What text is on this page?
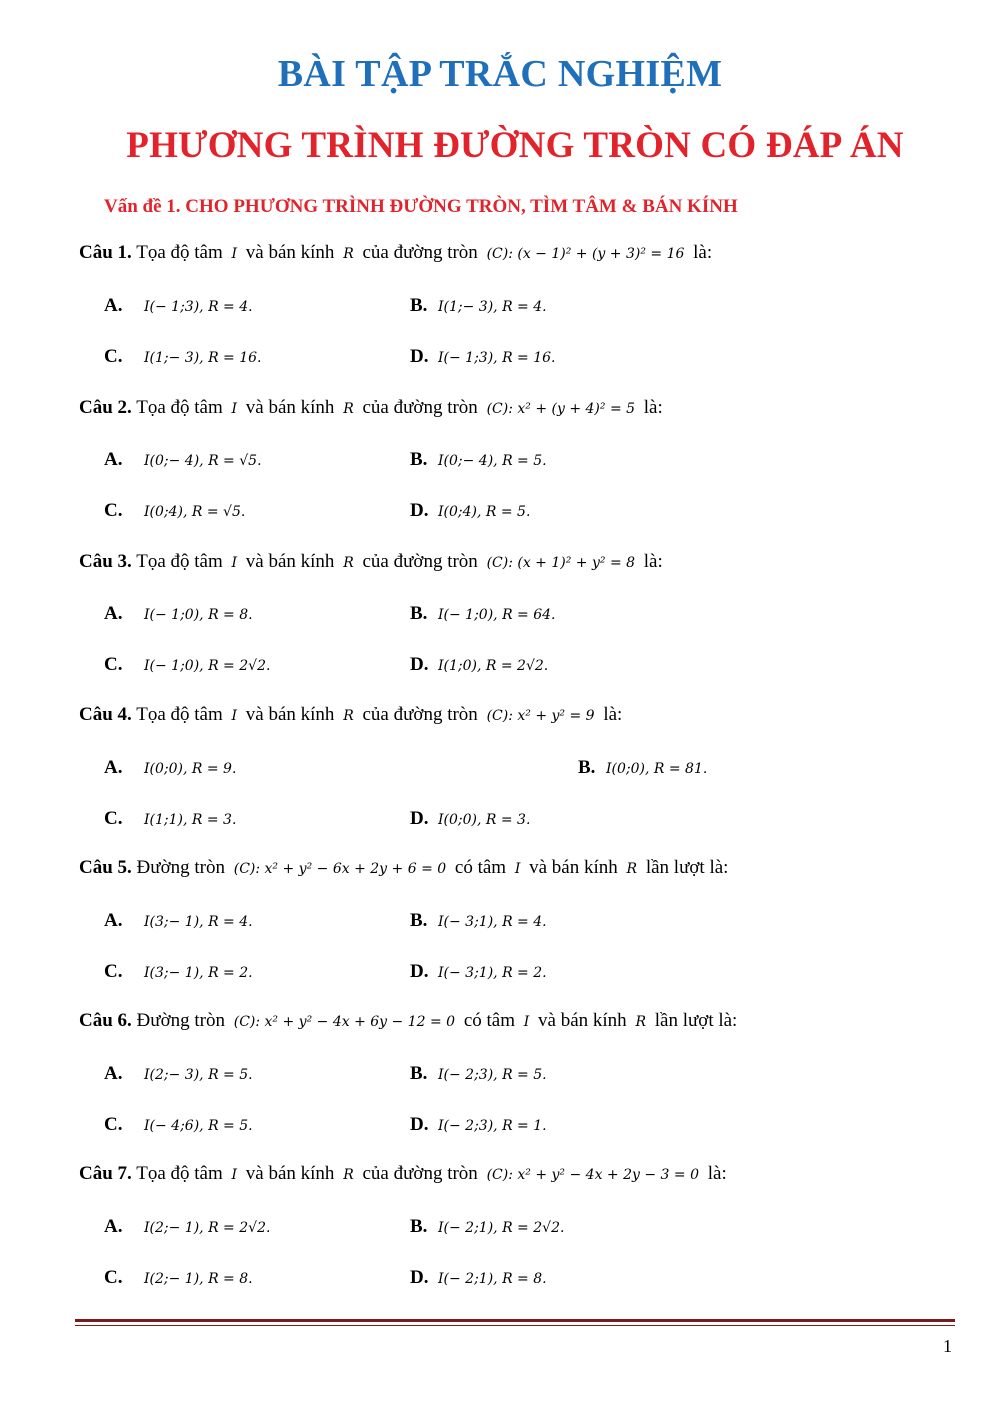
BÀI TẬP TRẮC NGHIỆM
PHƯƠNG TRÌNH ĐƯỜNG TRÒN CÓ ĐÁP ÁN
Vấn đề 1. CHO PHƯƠNG TRÌNH ĐƯỜNG TRÒN, TÌM TÂM & BÁN KÍNH
Câu 1. Tọa độ tâm I và bán kính R của đường tròn (C): (x − 1)² + (y + 3)² = 16 là:
A. I(− 1;3), R = 4.	B. I(1;− 3), R = 4.
C. I(1;− 3), R = 16.	D. I(− 1;3), R = 16.
Câu 2. Tọa độ tâm I và bán kính R của đường tròn (C): x² + (y + 4)² = 5 là:
A. I(0;− 4), R = √5.	B. I(0;− 4), R = 5.
C. I(0;4), R = √5.	D. I(0;4), R = 5.
Câu 3. Tọa độ tâm I và bán kính R của đường tròn (C): (x + 1)² + y² = 8 là:
A. I(− 1;0), R = 8.	B. I(− 1;0), R = 64.
C. I(− 1;0), R = 2√2.	D. I(1;0), R = 2√2.
Câu 4. Tọa độ tâm I và bán kính R của đường tròn (C): x² + y² = 9 là:
A. I(0;0), R = 9.	B. I(0;0), R = 81.
C. I(1;1), R = 3.	D. I(0;0), R = 3.
Câu 5. Đường tròn (C): x² + y² − 6x + 2y + 6 = 0 có tâm I và bán kính R lần lượt là:
A. I(3;− 1), R = 4.	B. I(− 3;1), R = 4.
C. I(3;− 1), R = 2.	D. I(− 3;1), R = 2.
Câu 6. Đường tròn (C): x² + y² − 4x + 6y − 12 = 0 có tâm I và bán kính R lần lượt là:
A. I(2;− 3), R = 5.	B. I(− 2;3), R = 5.
C. I(− 4;6), R = 5.	D. I(− 2;3), R = 1.
Câu 7. Tọa độ tâm I và bán kính R của đường tròn (C): x² + y² − 4x + 2y − 3 = 0 là:
A. I(2;− 1), R = 2√2.	B. I(− 2;1), R = 2√2.
C. I(2;− 1), R = 8.	D. I(− 2;1), R = 8.
1
